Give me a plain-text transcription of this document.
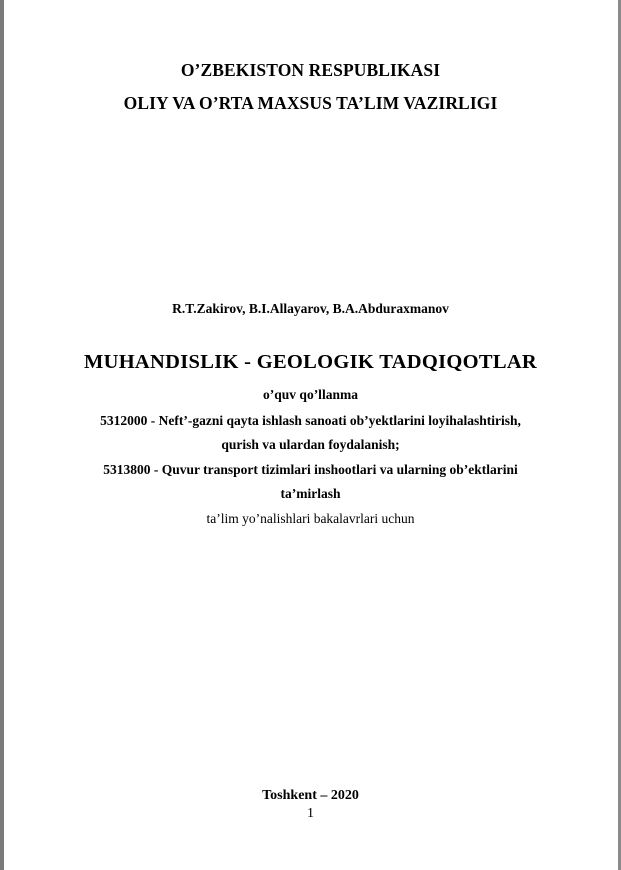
O’ZBEKISTON RESPUBLIKASI
OLIY VA O’RTA MAXSUS TA’LIM VAZIRLIGI
R.T.Zakirov, B.I.Allayarov, B.A.Abduraxmanov
MUHANDISLIK - GEOLOGIK TADQIQOTLAR
o’quv qo’llanma
5312000 - Neft’-gazni qayta ishlash sanoati ob’yektlarini loyihalashtirish,
qurish va ulardan foydalanish;
5313800 - Quvur transport tizimlari inshootlari va ularning ob’ektlarini
ta’mirlash
ta’lim yo’nalishlari bakalavrlari uchun
Toshkent – 2020
1
